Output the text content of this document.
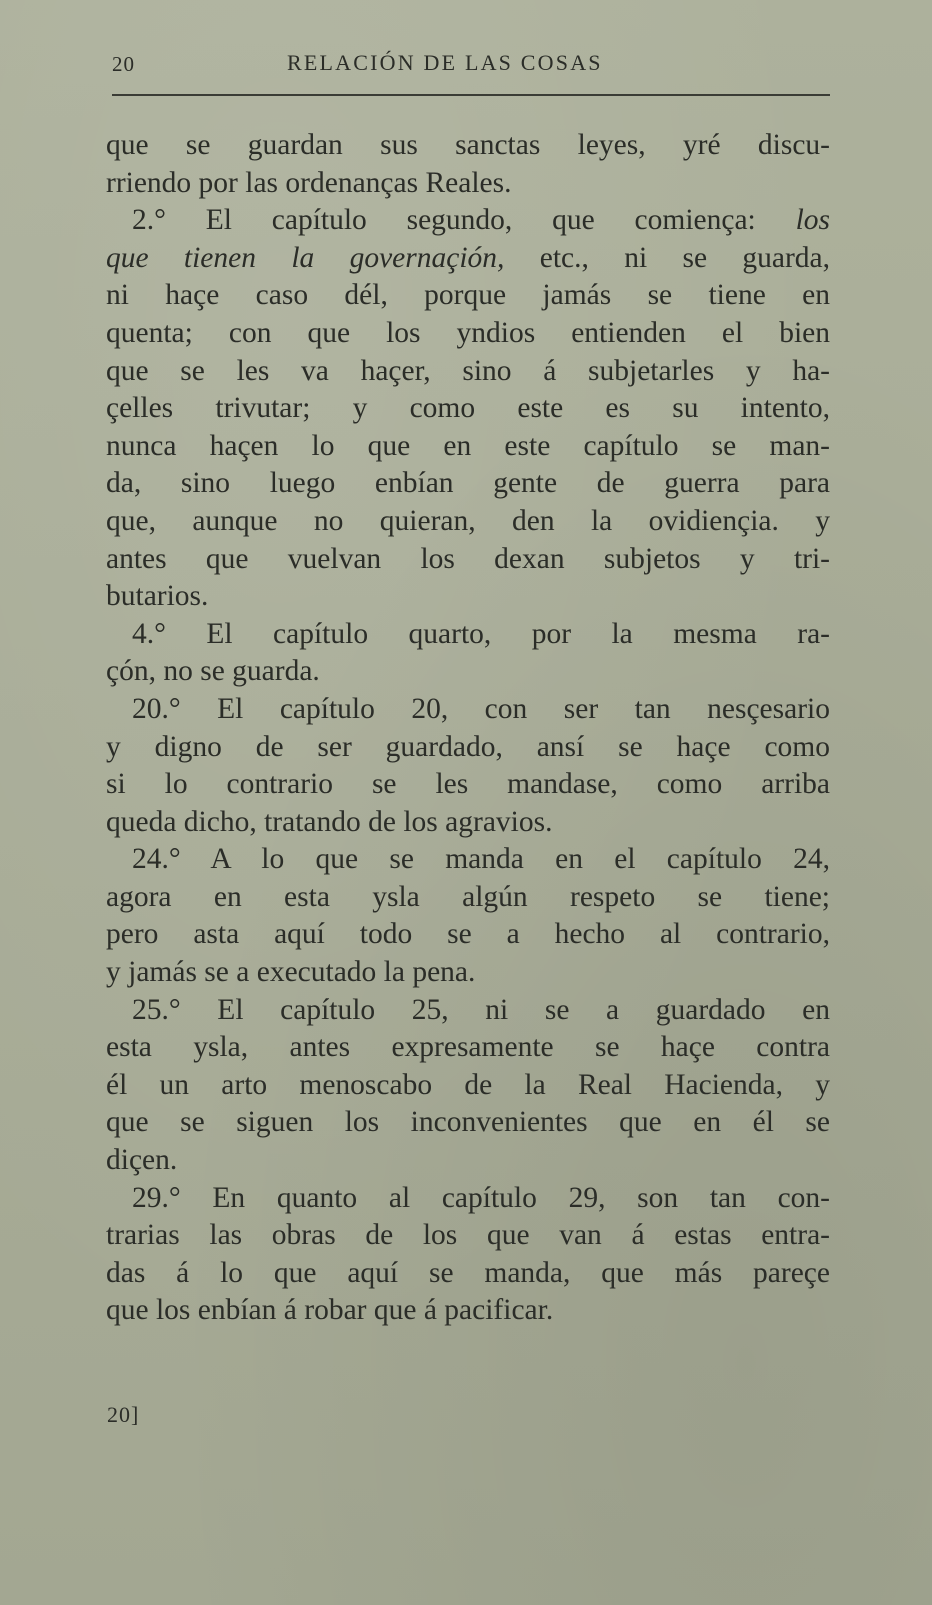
20	RELACIÓN DE LAS COSAS
que se guardan sus sanctas leyes, yré discu-
rriendo por las ordenanças Reales.
2.° El capítulo segundo, que comiença: los
que tienen la governaçión, etc., ni se guarda,
ni haçe caso dél, porque jamás se tiene en
quenta; con que los yndios entienden el bien
que se les va haçer, sino á subjetarles y ha-
çelles trivutar; y como este es su intento,
nunca haçen lo que en este capítulo se man-
da, sino luego enbían gente de guerra para
que, aunque no quieran, den la ovidiençia. y
antes que vuelvan los dexan subjetos y tri-
butarios.
4.° El capítulo quarto, por la mesma ra-
çón, no se guarda.
20.° El capítulo 20, con ser tan nesçesario
y digno de ser guardado, ansí se haçe como
si lo contrario se les mandase, como arriba
queda dicho, tratando de los agravios.
24.° A lo que se manda en el capítulo 24,
agora en esta ysla algún respeto se tiene;
pero asta aquí todo se a hecho al contrario,
y jamás se a executado la pena.
25.° El capítulo 25, ni se a guardado en
esta ysla, antes expresamente se haçe contra
él un arto menoscabo de la Real Hacienda, y
que se siguen los inconvenientes que en él se
diçen.
29.° En quanto al capítulo 29, son tan con-
trarias las obras de los que van á estas entra-
das á lo que aquí se manda, que más pareçe
que los enbían á robar que á pacificar.
20]
